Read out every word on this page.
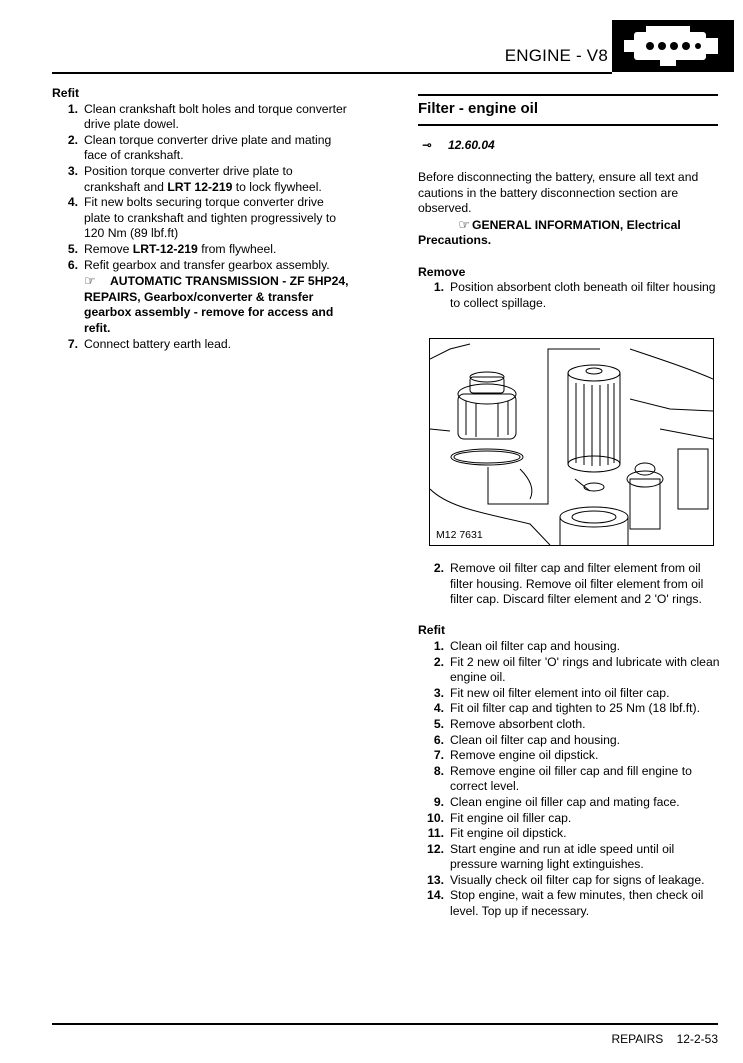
ENGINE - V8
Refit
1. Clean crankshaft bolt holes and torque converter drive plate dowel.
2. Clean torque converter drive plate and mating face of crankshaft.
3. Position torque converter drive plate to crankshaft and LRT 12-219 to lock flywheel.
4. Fit new bolts securing torque converter drive plate to crankshaft and tighten progressively to 120 Nm (89 lbf.ft)
5. Remove LRT-12-219 from flywheel.
6. Refit gearbox and transfer gearbox assembly.
☞ AUTOMATIC TRANSMISSION - ZF 5HP24, REPAIRS, Gearbox/converter & transfer gearbox assembly - remove for access and refit.
7. Connect battery earth lead.
Filter - engine oil
⊸ 12.60.04
Before disconnecting the battery, ensure all text and cautions in the battery disconnection section are observed.
☞ GENERAL INFORMATION, Electrical Precautions.
Remove
1. Position absorbent cloth beneath oil filter housing to collect spillage.
M12 7631
2. Remove oil filter cap and filter element from oil filter housing. Remove oil filter element from oil filter cap. Discard filter element and 2 'O' rings.
Refit
1. Clean oil filter cap and housing.
2. Fit 2 new oil filter 'O' rings and lubricate with clean engine oil.
3. Fit new oil filter element into oil filter cap.
4. Fit oil filter cap and tighten to 25 Nm (18 lbf.ft).
5. Remove absorbent cloth.
6. Clean oil filter cap and housing.
7. Remove engine oil dipstick.
8. Remove engine oil filler cap and fill engine to correct level.
9. Clean engine oil filler cap and mating face.
10. Fit engine oil filler cap.
11. Fit engine oil dipstick.
12. Start engine and run at idle speed until oil pressure warning light extinguishes.
13. Visually check oil filter cap for signs of leakage.
14. Stop engine, wait a few minutes, then check oil level. Top up if necessary.
REPAIRS    12-2-53
